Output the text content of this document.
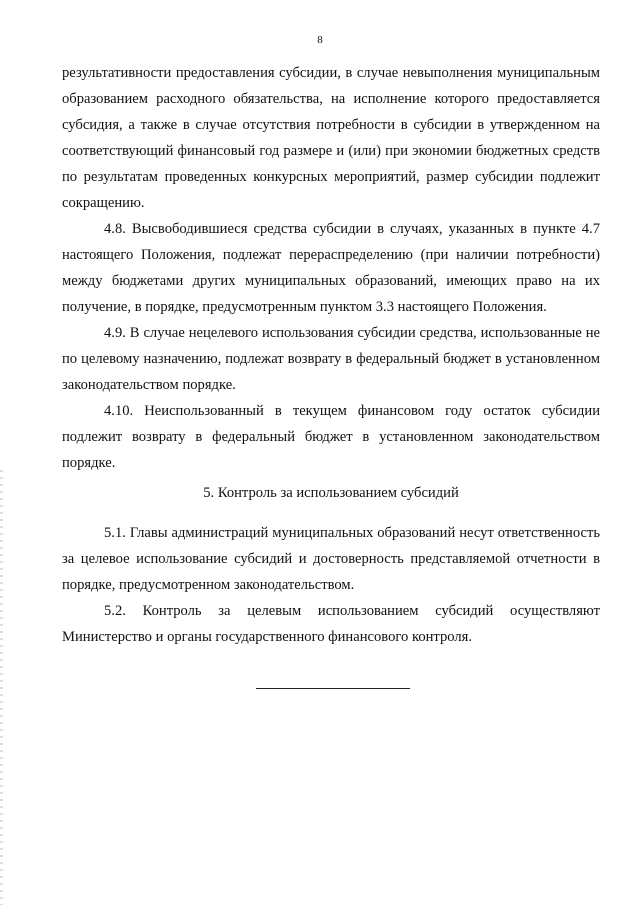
8

результативности предоставления субсидии, в случае невыполнения муниципальным образованием расходного обязательства, на исполнение которого предоставляется субсидия, а также в случае отсутствия потребности в субсидии в утвержденном на соответствующий финансовый год размере и (или) при экономии бюджетных средств по результатам проведенных конкурсных мероприятий, размер субсидии подлежит сокращению.

4.8. Высвободившиеся средства субсидии в случаях, указанных в пункте 4.7 настоящего Положения, подлежат перераспределению (при наличии потребности) между бюджетами других муниципальных образований, имеющих право на их получение, в порядке, предусмотренным пунктом 3.3 настоящего Положения.

4.9. В случае нецелевого использования субсидии средства, использованные не по целевому назначению, подлежат возврату в федеральный бюджет в установленном законодательством порядке.

4.10. Неиспользованный в текущем финансовом году остаток субсидии подлежит возврату в федеральный бюджет в установленном законодательством порядке.

5. Контроль за использованием субсидий

5.1. Главы администраций муниципальных образований несут ответственность за целевое использование субсидий и достоверность представляемой отчетности в порядке, предусмотренном законодательством.

5.2. Контроль за целевым использованием субсидий осуществляют Министерство и органы государственного финансового контроля.
